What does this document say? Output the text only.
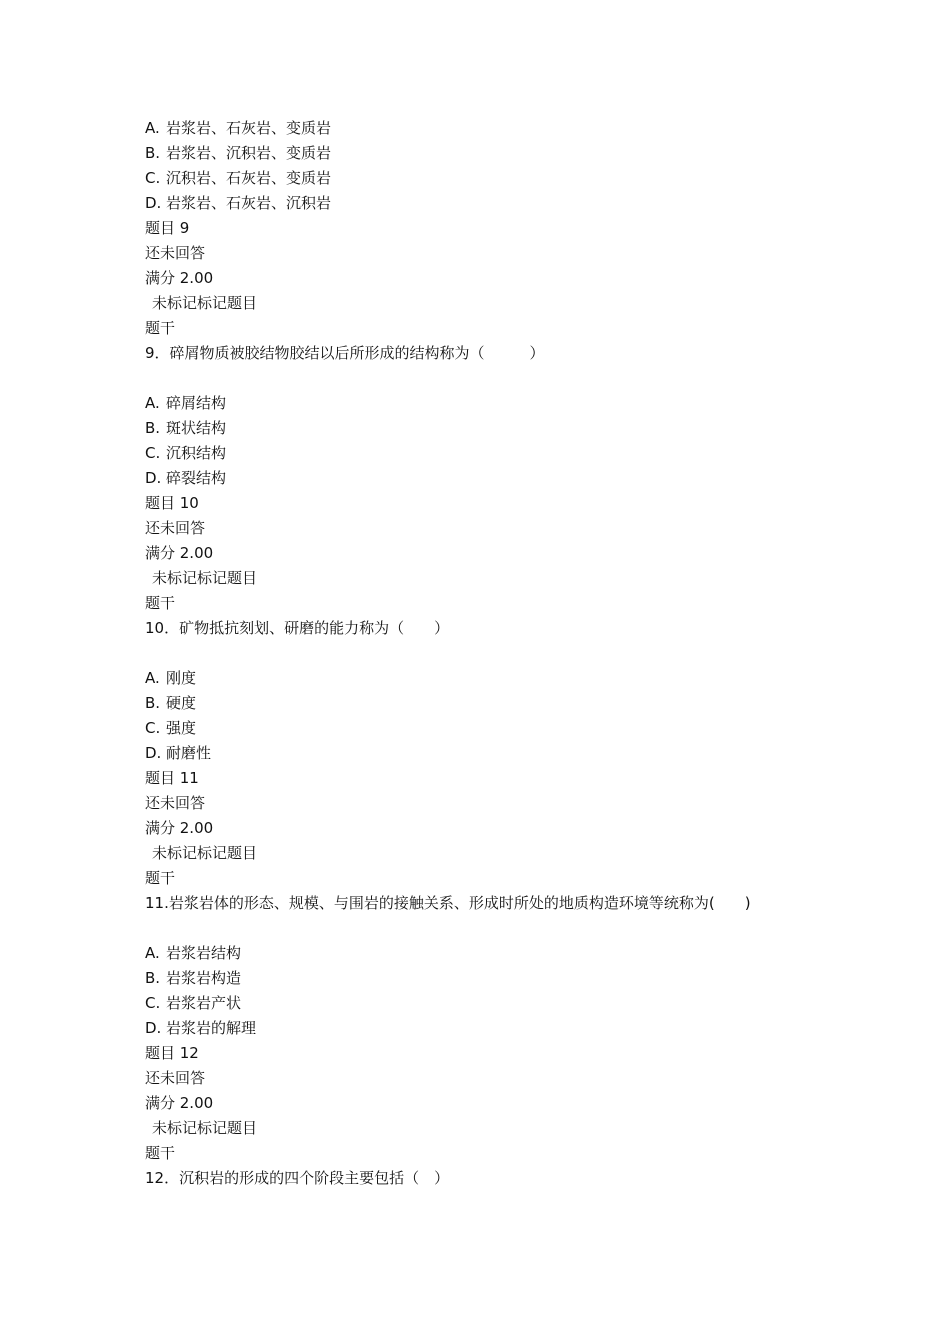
A. 岩浆岩、石灰岩、变质岩
B. 岩浆岩、沉积岩、变质岩
C. 沉积岩、石灰岩、变质岩
D. 岩浆岩、石灰岩、沉积岩
题目 9
还未回答
满分 2.00
未标记标记题目
题干
9．碎屑物质被胶结物胶结以后所形成的结构称为（　　　）
A. 碎屑结构
B. 斑状结构
C. 沉积结构
D. 碎裂结构
题目 10
还未回答
满分 2.00
未标记标记题目
题干
10．矿物抵抗刻划、研磨的能力称为（　　）
A. 刚度
B. 硬度
C. 强度
D. 耐磨性
题目 11
还未回答
满分 2.00
未标记标记题目
题干
11.岩浆岩体的形态、规模、与围岩的接触关系、形成时所处的地质构造环境等统称为(　　)
A. 岩浆岩结构
B. 岩浆岩构造
C. 岩浆岩产状
D. 岩浆岩的解理
题目 12
还未回答
满分 2.00
未标记标记题目
题干
12．沉积岩的形成的四个阶段主要包括（　）
